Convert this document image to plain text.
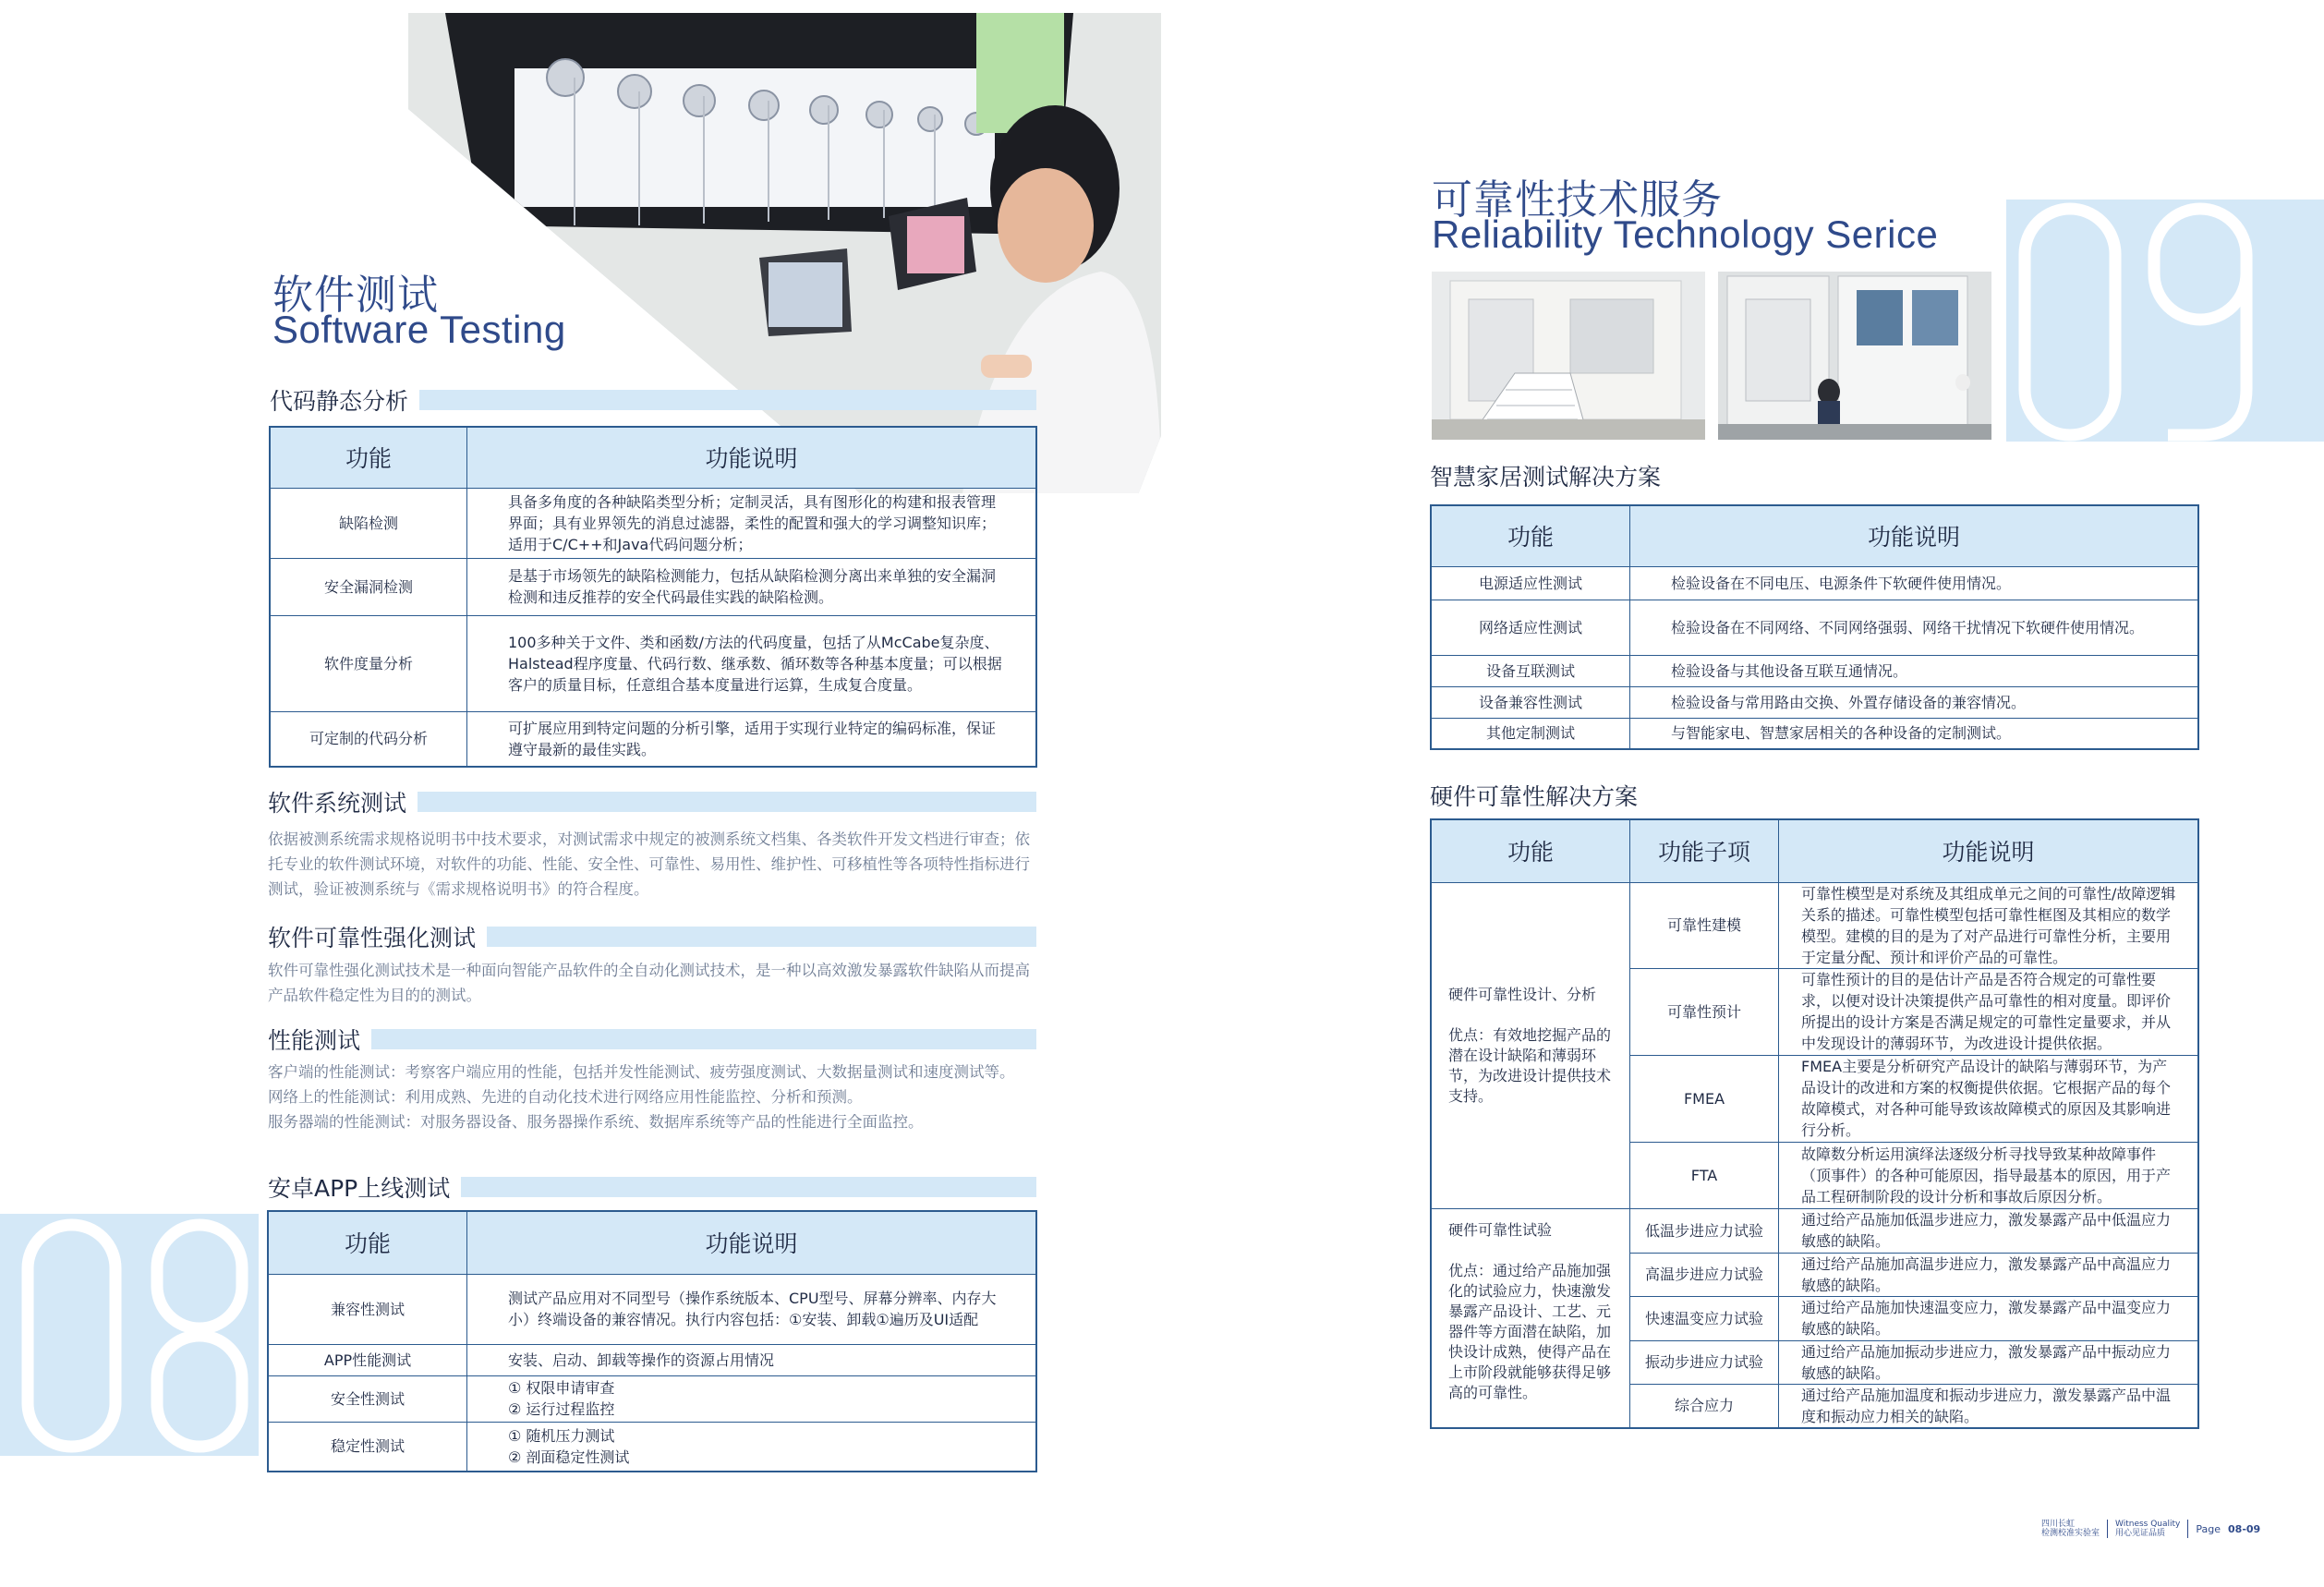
软件测试
Software Testing
代码静态分析
功能	功能说明
缺陷检测	具备多角度的各种缺陷类型分析；定制灵活，具有图形化的构建和报表管理界面；具有业界领先的消息过滤器，柔性的配置和强大的学习调整知识库；适用于C/C++和Java代码问题分析；
安全漏洞检测	是基于市场领先的缺陷检测能力，包括从缺陷检测分离出来单独的安全漏洞检测和违反推荐的安全代码最佳实践的缺陷检测。
软件度量分析	100多种关于文件、类和函数/方法的代码度量，包括了从McCabe复杂度、Halstead程序度量、代码行数、继承数、循环数等各种基本度量；可以根据客户的质量目标，任意组合基本度量进行运算，生成复合度量。
可定制的代码分析	可扩展应用到特定问题的分析引擎，适用于实现行业特定的编码标准，保证遵守最新的最佳实践。
软件系统测试
依据被测系统需求规格说明书中技术要求，对测试需求中规定的被测系统文档集、各类软件开发文档进行审查；依托专业的软件测试环境，对软件的功能、性能、安全性、可靠性、易用性、维护性、可移植性等各项特性指标进行测试，验证被测系统与《需求规格说明书》的符合程度。
软件可靠性强化测试
软件可靠性强化测试技术是一种面向智能产品软件的全自动化测试技术，是一种以高效激发暴露软件缺陷从而提高产品软件稳定性为目的的测试。
性能测试
客户端的性能测试：考察客户端应用的性能，包括并发性能测试、疲劳强度测试、大数据量测试和速度测试等。
网络上的性能测试：利用成熟、先进的自动化技术进行网络应用性能监控、分析和预测。
服务器端的性能测试：对服务器设备、服务器操作系统、数据库系统等产品的性能进行全面监控。
安卓APP上线测试
功能	功能说明
兼容性测试	测试产品应用对不同型号（操作系统版本、CPU型号、屏幕分辨率、内存大小）终端设备的兼容情况。执行内容包括：①安装、卸载①遍历及UI适配
APP性能测试	安装、启动、卸载等操作的资源占用情况
安全性测试	① 权限申请审查
② 运行过程监控
稳定性测试	① 随机压力测试
② 剖面稳定性测试
可靠性技术服务
Reliability Technology Serice
智慧家居测试解决方案
功能	功能说明
电源适应性测试	检验设备在不同电压、电源条件下软硬件使用情况。
网络适应性测试	检验设备在不同网络、不同网络强弱、网络干扰情况下软硬件使用情况。
设备互联测试	检验设备与其他设备互联互通情况。
设备兼容性测试	检验设备与常用路由交换、外置存储设备的兼容情况。
其他定制测试	与智能家电、智慧家居相关的各种设备的定制测试。
硬件可靠性解决方案
功能	功能子项	功能说明

硬件可靠性设计、分析
优点：有效地挖掘产品的潜在设计缺陷和薄弱环节，为改进设计提供技术支持。	可靠性建模	可靠性模型是对系统及其组成单元之间的可靠性/故障逻辑关系的描述。可靠性模型包括可靠性框图及其相应的数学模型。建模的目的是为了对产品进行可靠性分析，主要用于定量分配、预计和评价产品的可靠性。
	可靠性预计	可靠性预计的目的是估计产品是否符合规定的可靠性要求，以便对设计决策提供产品可靠性的相对度量。即评价所提出的设计方案是否满足规定的可靠性定量要求，并从中发现设计的薄弱环节，为改进设计提供依据。
	FMEA	FMEA主要是分析研究产品设计的缺陷与薄弱环节，为产品设计的改进和方案的权衡提供依据。它根据产品的每个故障模式，对各种可能导致该故障模式的原因及其影响进行分析。
	FTA	故障数分析运用演绎法逐级分析寻找导致某种故障事件（顶事件）的各种可能原因，指导最基本的原因，用于产品工程研制阶段的设计分析和事故后原因分析。

硬件可靠性试验
优点：通过给产品施加强化的试验应力，快速激发暴露产品设计、工艺、元器件等方面潜在缺陷，加快设计成熟，使得产品在上市阶段就能够获得足够高的可靠性。	低温步进应力试验	通过给产品施加低温步进应力，激发暴露产品中低温应力敏感的缺陷。
	高温步进应力试验	通过给产品施加高温步进应力，激发暴露产品中高温应力敏感的缺陷。
	快速温变应力试验	通过给产品施加快速温变应力，激发暴露产品中温变应力敏感的缺陷。
	振动步进应力试验	通过给产品施加振动步进应力，激发暴露产品中振动应力敏感的缺陷。
	综合应力	通过给产品施加温度和振动步进应力，激发暴露产品中温度和振动应力相关的缺陷。
四川长虹
检测校准实验室
Witness Quality
用心见证品质	Page 08-09
